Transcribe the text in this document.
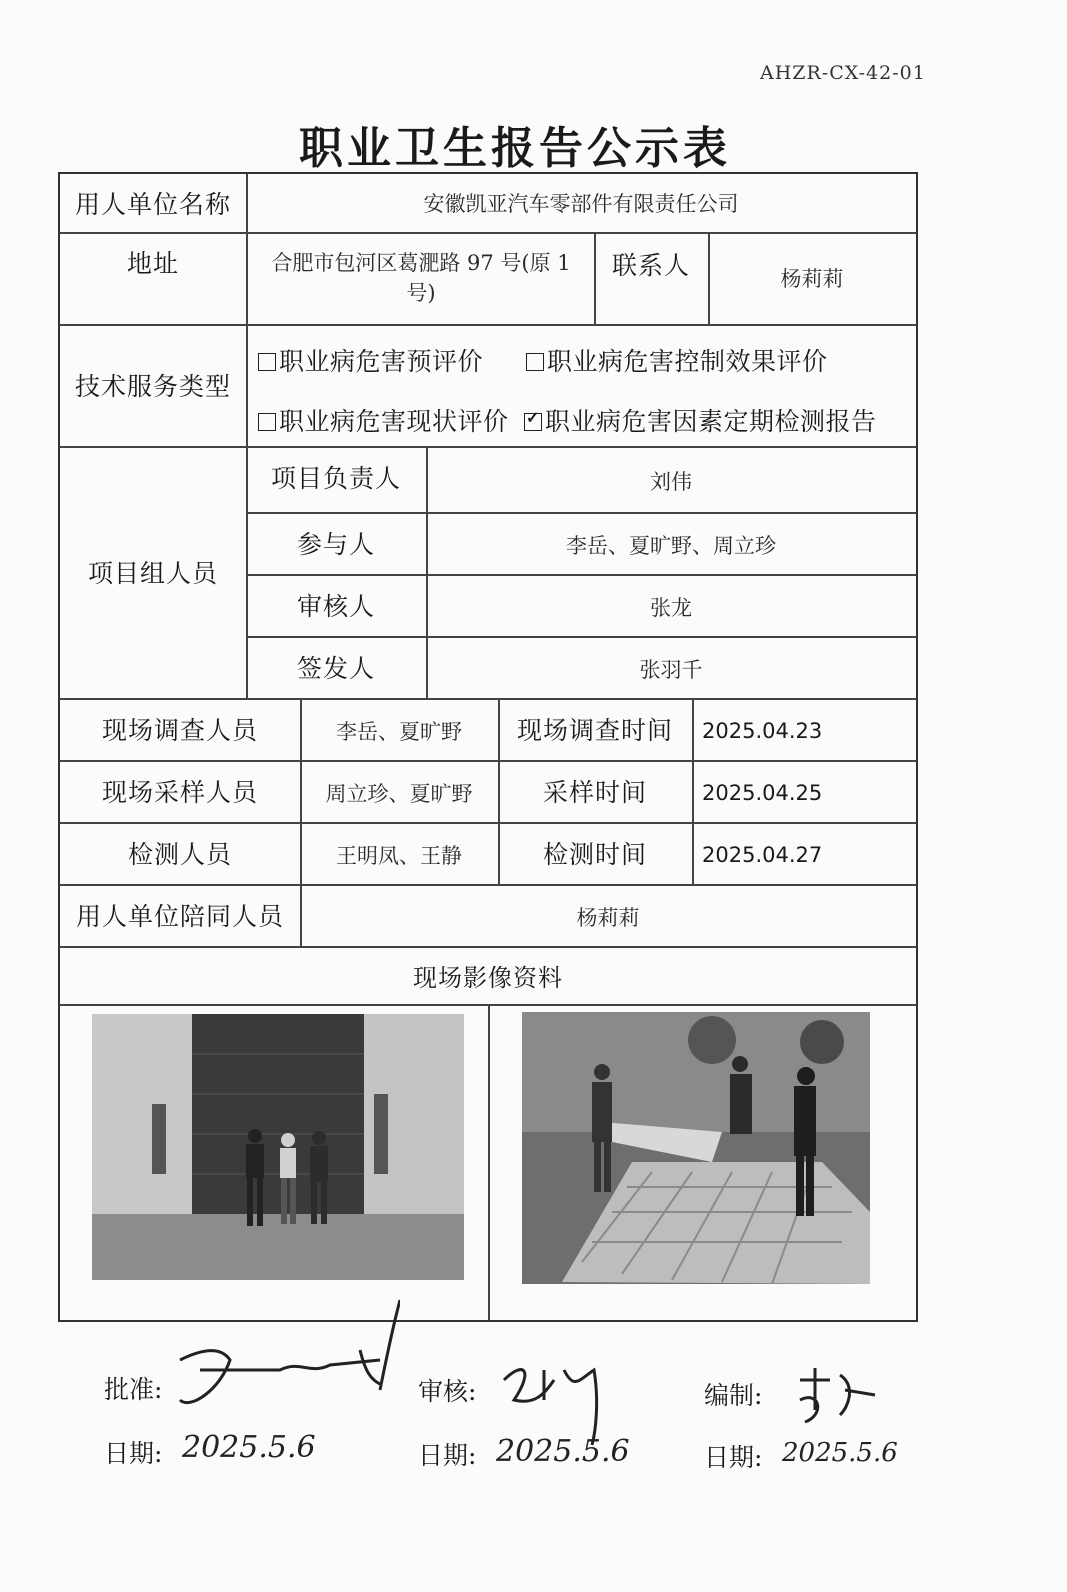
AHZR-CX-42-01
职业卫生报告公示表
用人单位名称	安徽凯亚汽车零部件有限责任公司
地址	合肥市包河区葛淝路 97 号(原 1 号)
联系人	杨莉莉
技术服务类型
职业病危害预评价	职业病危害控制效果评价
职业病危害现状评价
✓	职业病危害因素定期检测报告
项目组人员
项目负责人	刘伟
参与人	李岳、夏旷野、周立珍
审核人	张龙
签发人	张羽千
现场调查人员	李岳、夏旷野	现场调查时间	2025.04.23
现场采样人员	周立珍、夏旷野	采样时间	2025.04.25
检测人员	王明凤、王静	检测时间	2025.04.27
用人单位陪同人员	杨莉莉
现场影像资料
批准:	审核:	编制:
日期: 2025.5.6	日期: 2025.5.6	日期: 2025.5.6
